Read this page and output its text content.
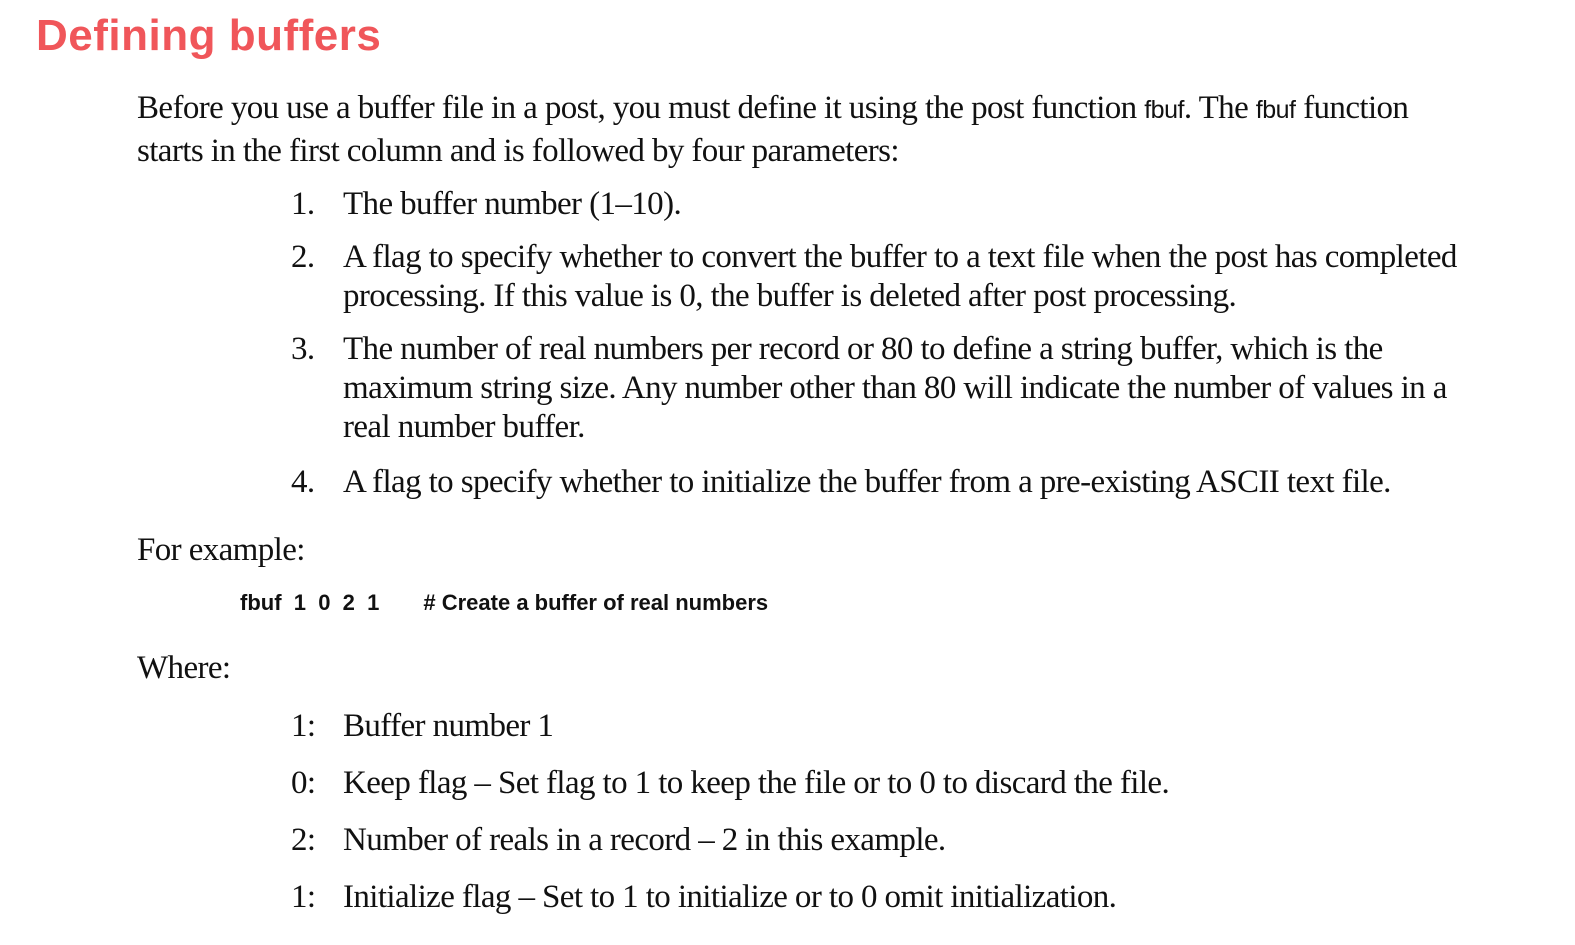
Defining buffers

Before you use a buffer file in a post, you must define it using the post function fbuf. The fbuf function starts in the first column and is followed by four parameters:

1. The buffer number (1–10).
2. A flag to specify whether to convert the buffer to a text file when the post has completed processing. If this value is 0, the buffer is deleted after post processing.
3. The number of real numbers per record or 80 to define a string buffer, which is the maximum string size. Any number other than 80 will indicate the number of values in a real number buffer.
4. A flag to specify whether to initialize the buffer from a pre-existing ASCII text file.

For example:

fbuf  1  0  2  1 # Create a buffer of real numbers

Where:

1: Buffer number 1
0: Keep flag – Set flag to 1 to keep the file or to 0 to discard the file.
2: Number of reals in a record – 2 in this example.
1: Initialize flag – Set to 1 to initialize or to 0 omit initialization.
